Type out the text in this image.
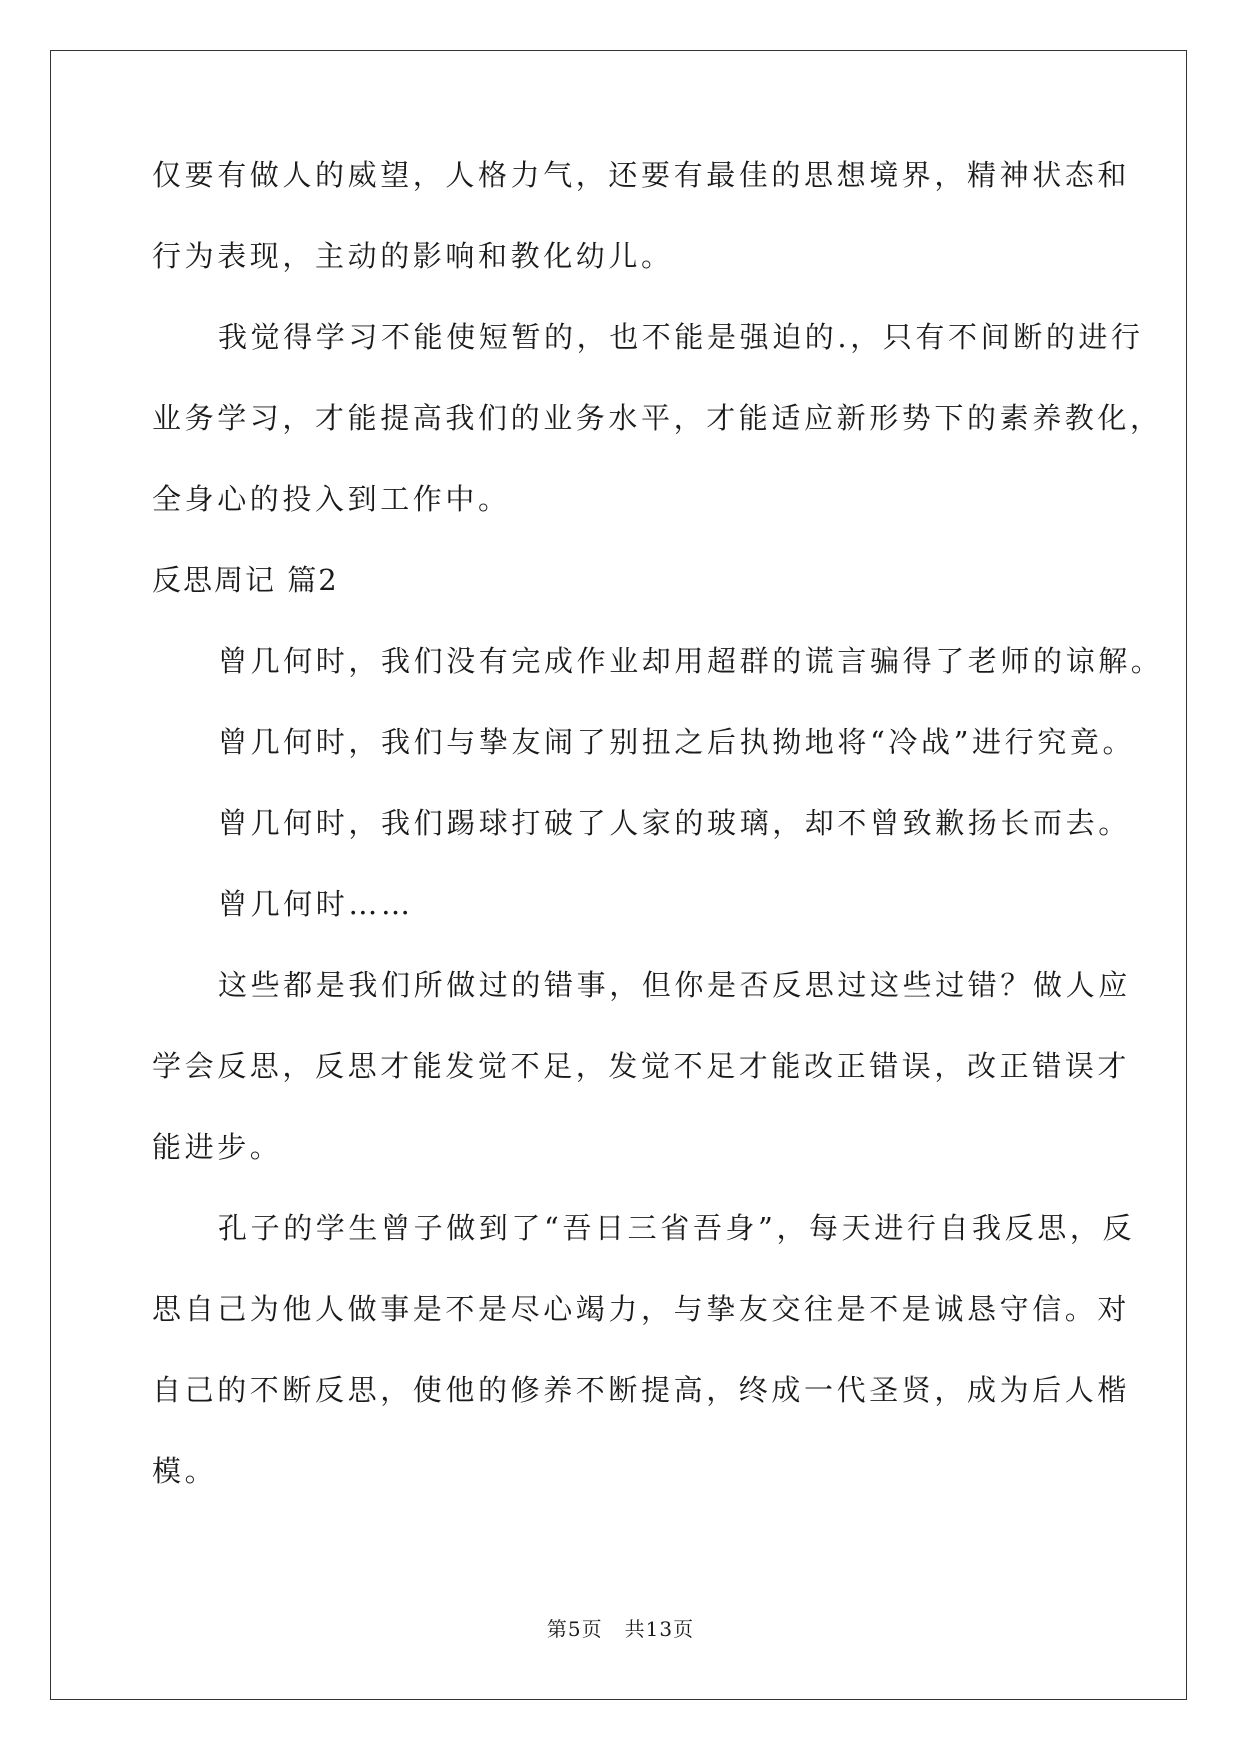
仅要有做人的威望，人格力气，还要有最佳的思想境界，精神状态和
行为表现，主动的影响和教化幼儿。
我觉得学习不能使短暂的，也不能是强迫的.，只有不间断的进行
业务学习，才能提高我们的业务水平，才能适应新形势下的素养教化，
全身心的投入到工作中。
反思周记 篇2
曾几何时，我们没有完成作业却用超群的谎言骗得了老师的谅解。
曾几何时，我们与挚友闹了别扭之后执拗地将“冷战”进行究竟。
曾几何时，我们踢球打破了人家的玻璃，却不曾致歉扬长而去。
曾几何时……
这些都是我们所做过的错事，但你是否反思过这些过错？做人应
学会反思，反思才能发觉不足，发觉不足才能改正错误，改正错误才
能进步。
孔子的学生曾子做到了“吾日三省吾身”，每天进行自我反思，反
思自己为他人做事是不是尽心竭力，与挚友交往是不是诚恳守信。对
自己的不断反思，使他的修养不断提高，终成一代圣贤，成为后人楷
模。
第5页 共13页
